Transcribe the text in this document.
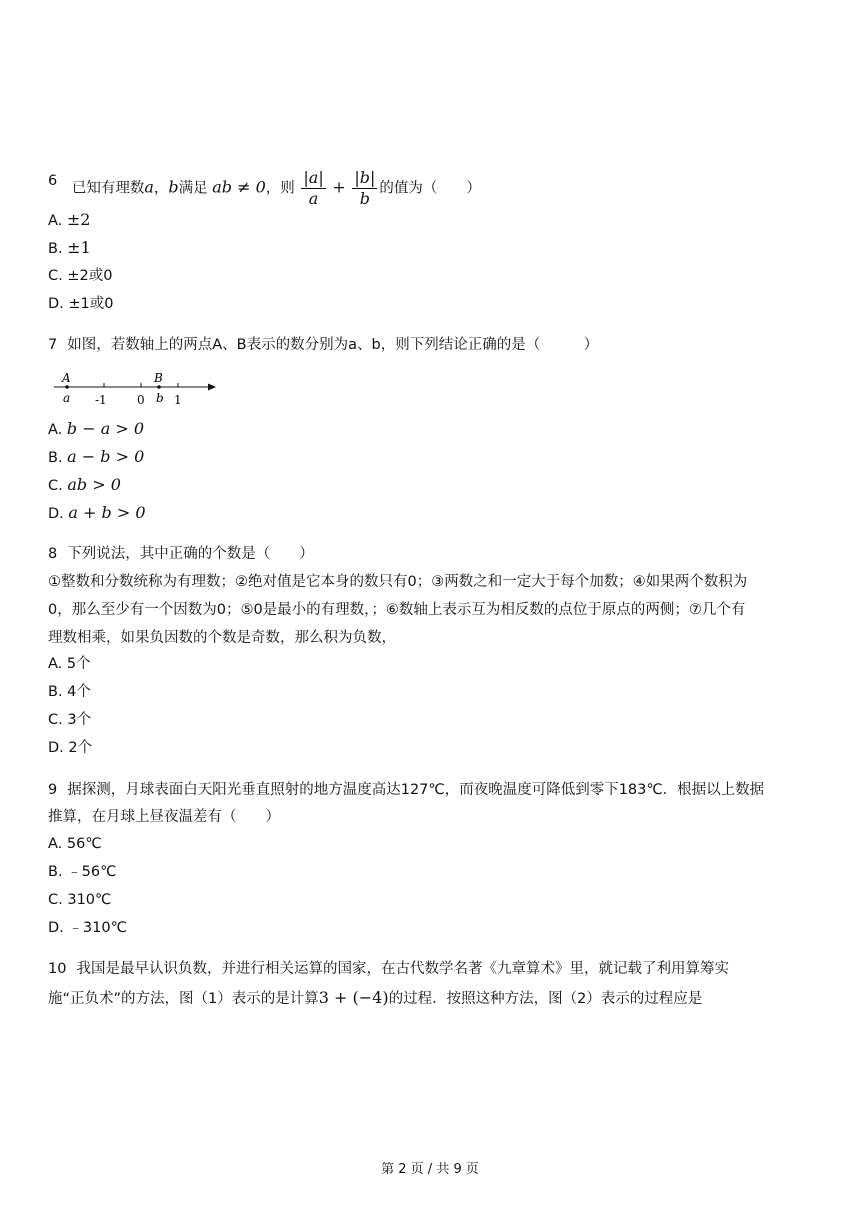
6 已知有理数a，b满足 ab ≠ 0，则 $\frac{|a|}{a} + \frac{|b|}{b}$ 的值为（　　）
A. ±2
B. ±1
C. ±2或0
D. ±1或0
7 如图，若数轴上的两点A、B表示的数分别为a、b，则下列结论正确的是（　　　）
A	B
a	b
-1	0 1
A. b − a > 0
B. a − b > 0
C. ab > 0
D. a + b > 0
8 下列说法，其中正确的个数是（　　）
①整数和分数统称为有理数；②绝对值是它本身的数只有0；③两数之和一定大于每个加数；④如果两个数积为
0，那么至少有一个因数为0；⑤0是最小的有理数，；⑥数轴上表示互为相反数的点位于原点的两侧；⑦几个有
理数相乘，如果负因数的个数是奇数，那么积为负数，
A. 5个
B. 4个
C. 3个
D. 2个
9 据探测，月球表面白天阳光垂直照射的地方温度高达127℃，而夜晚温度可降低到零下183℃．根据以上数据
推算，在月球上昼夜温差有（　　）
A. 56℃
B. ﹣56℃
C. 310℃
D. ﹣310℃
10 我国是最早认识负数，并进行相关运算的国家，在古代数学名著《九章算术》里，就记载了利用算筹实
施“正负术”的方法，图（1）表示的是计算3 + (−4)的过程．按照这种方法，图（2）表示的过程应是
第 2 页 / 共 9 页
